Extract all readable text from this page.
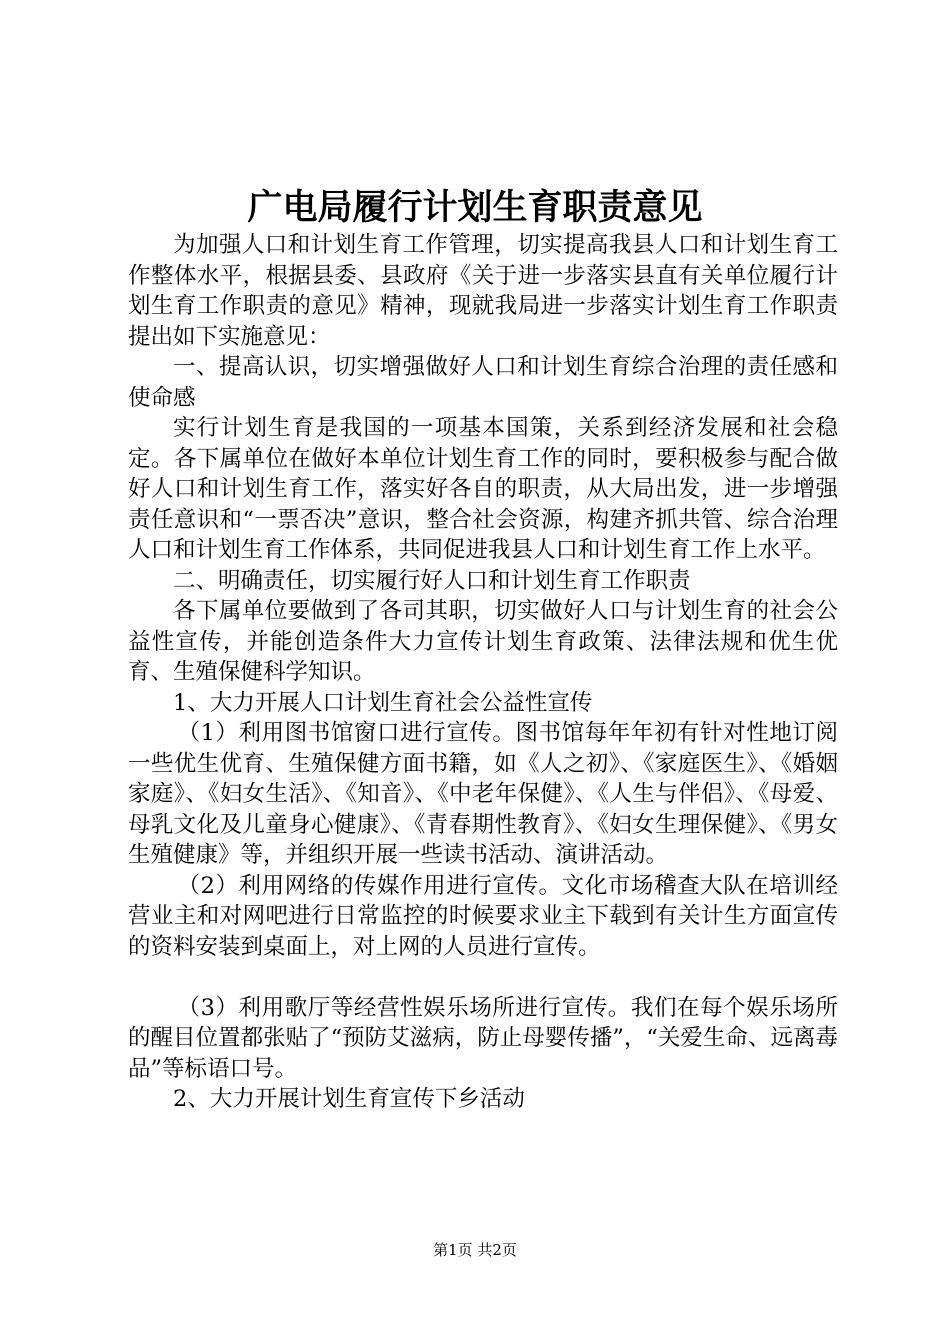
广电局履行计划生育职责意见

为加强人口和计划生育工作管理，切实提高我县人口和计划生育工作整体水平，根据县委、县政府《关于进一步落实县直有关单位履行计划生育工作职责的意见》精神，现就我局进一步落实计划生育工作职责提出如下实施意见：

一、提高认识，切实增强做好人口和计划生育综合治理的责任感和使命感

实行计划生育是我国的一项基本国策，关系到经济发展和社会稳定。各下属单位在做好本单位计划生育工作的同时，要积极参与配合做好人口和计划生育工作，落实好各自的职责，从大局出发，进一步增强责任意识和“一票否决”意识，整合社会资源，构建齐抓共管、综合治理人口和计划生育工作体系，共同促进我县人口和计划生育工作上水平。

二、明确责任，切实履行好人口和计划生育工作职责

各下属单位要做到了各司其职，切实做好人口与计划生育的社会公益性宣传，并能创造条件大力宣传计划生育政策、法律法规和优生优育、生殖保健科学知识。

1、大力开展人口计划生育社会公益性宣传

（1）利用图书馆窗口进行宣传。图书馆每年年初有针对性地订阅一些优生优育、生殖保健方面书籍，如《人之初》、《家庭医生》、《婚姻家庭》、《妇女生活》、《知音》、《中老年保健》、《人生与伴侣》、《母爱、母乳文化及儿童身心健康》、《青春期性教育》、《妇女生理保健》、《男女生殖健康》等，并组织开展一些读书活动、演讲活动。

（2）利用网络的传媒作用进行宣传。文化市场稽查大队在培训经营业主和对网吧进行日常监控的时候要求业主下载到有关计生方面宣传的资料安装到桌面上，对上网的人员进行宣传。

（3）利用歌厅等经营性娱乐场所进行宣传。我们在每个娱乐场所的醒目位置都张贴了“预防艾滋病，防止母婴传播”，“关爱生命、远离毒品”等标语口号。

2、大力开展计划生育宣传下乡活动

第1页 共2页
